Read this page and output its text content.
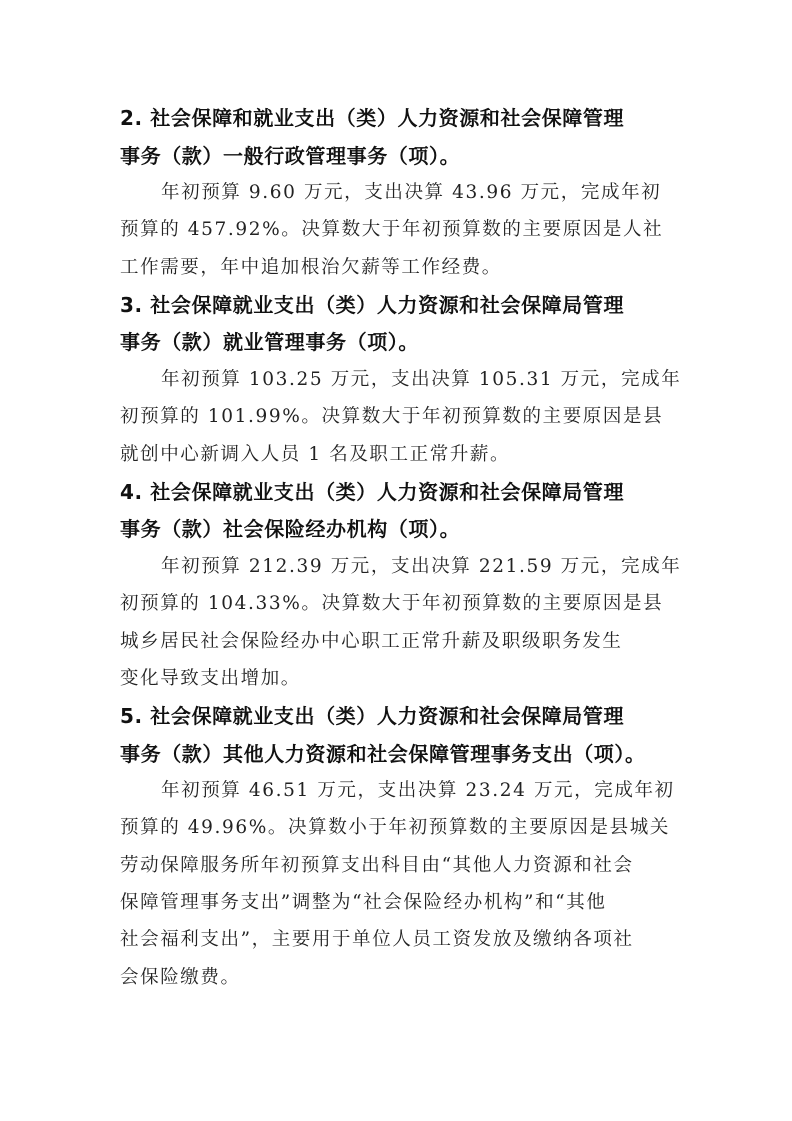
2. 社会保障和就业支出（类）人力资源和社会保障管理
事务（款）一般行政管理事务（项）。
年初预算 9.60 万元，支出决算 43.96 万元，完成年初
预算的 457.92%。决算数大于年初预算数的主要原因是人社
工作需要，年中追加根治欠薪等工作经费。
3. 社会保障就业支出（类）人力资源和社会保障局管理
事务（款）就业管理事务（项）。
年初预算 103.25 万元，支出决算 105.31 万元，完成年
初预算的 101.99%。决算数大于年初预算数的主要原因是县
就创中心新调入人员 1 名及职工正常升薪。
4. 社会保障就业支出（类）人力资源和社会保障局管理
事务（款）社会保险经办机构（项）。
年初预算 212.39 万元，支出决算 221.59 万元，完成年
初预算的 104.33%。决算数大于年初预算数的主要原因是县
城乡居民社会保险经办中心职工正常升薪及职级职务发生
变化导致支出增加。
5. 社会保障就业支出（类）人力资源和社会保障局管理
事务（款）其他人力资源和社会保障管理事务支出（项）。
年初预算 46.51 万元，支出决算 23.24 万元，完成年初
预算的 49.96%。决算数小于年初预算数的主要原因是县城关
劳动保障服务所年初预算支出科目由“其他人力资源和社会
保障管理事务支出”调整为“社会保险经办机构”和“其他
社会福利支出”，主要用于单位人员工资发放及缴纳各项社
会保险缴费。
